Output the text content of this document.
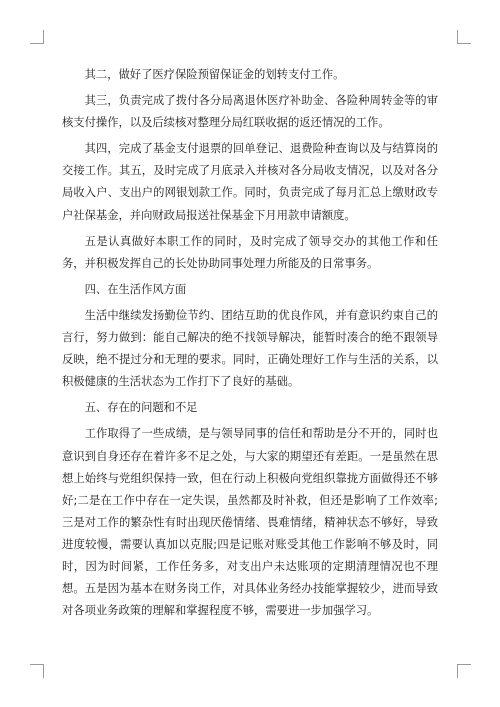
其二，做好了医疗保险预留保证金的划转支付工作。

其三，负责完成了拨付各分局离退休医疗补助金、各险种周转金等的审核支付操作，以及后续核对整理分局红联收据的返还情况的工作。

其四，完成了基金支付退票的回单登记、退费险种查询以及与结算岗的交接工作。其五，及时完成了月底录入并核对各分局收支情况，以及对各分局收入户、支出户的网银划款工作。同时，负责完成了每月汇总上缴财政专户社保基金，并向财政局报送社保基金下月用款申请额度。

五是认真做好本职工作的同时，及时完成了领导交办的其他工作和任务，并积极发挥自己的长处协助同事处理力所能及的日常事务。

四、在生活作风方面

生活中继续发扬勤俭节约、团结互助的优良作风，并有意识约束自己的言行，努力做到：能自己解决的绝不找领导解决，能暂时凑合的绝不跟领导反映，绝不提过分和无理的要求。同时，正确处理好工作与生活的关系，以积极健康的生活状态为工作打下了良好的基础。

五、存在的问题和不足

工作取得了一些成绩，是与领导同事的信任和帮助是分不开的，同时也意识到自身还存在着许多不足之处，与大家的期望还有差距。一是虽然在思想上始终与党组织保持一致，但在行动上积极向党组织靠拢方面做得还不够好;二是在工作中存在一定失误，虽然都及时补救，但还是影响了工作效率;三是对工作的繁杂性有时出现厌倦情绪、畏难情绪，精神状态不够好，导致进度较慢，需要认真加以克服;四是记账对账受其他工作影响不够及时，同时，因为时间紧，工作任务多，对支出户未达账项的定期清理情况也不理想。五是因为基本在财务岗工作，对具体业务经办技能掌握较少，进而导致对各项业务政策的理解和掌握程度不够，需要进一步加强学习。
